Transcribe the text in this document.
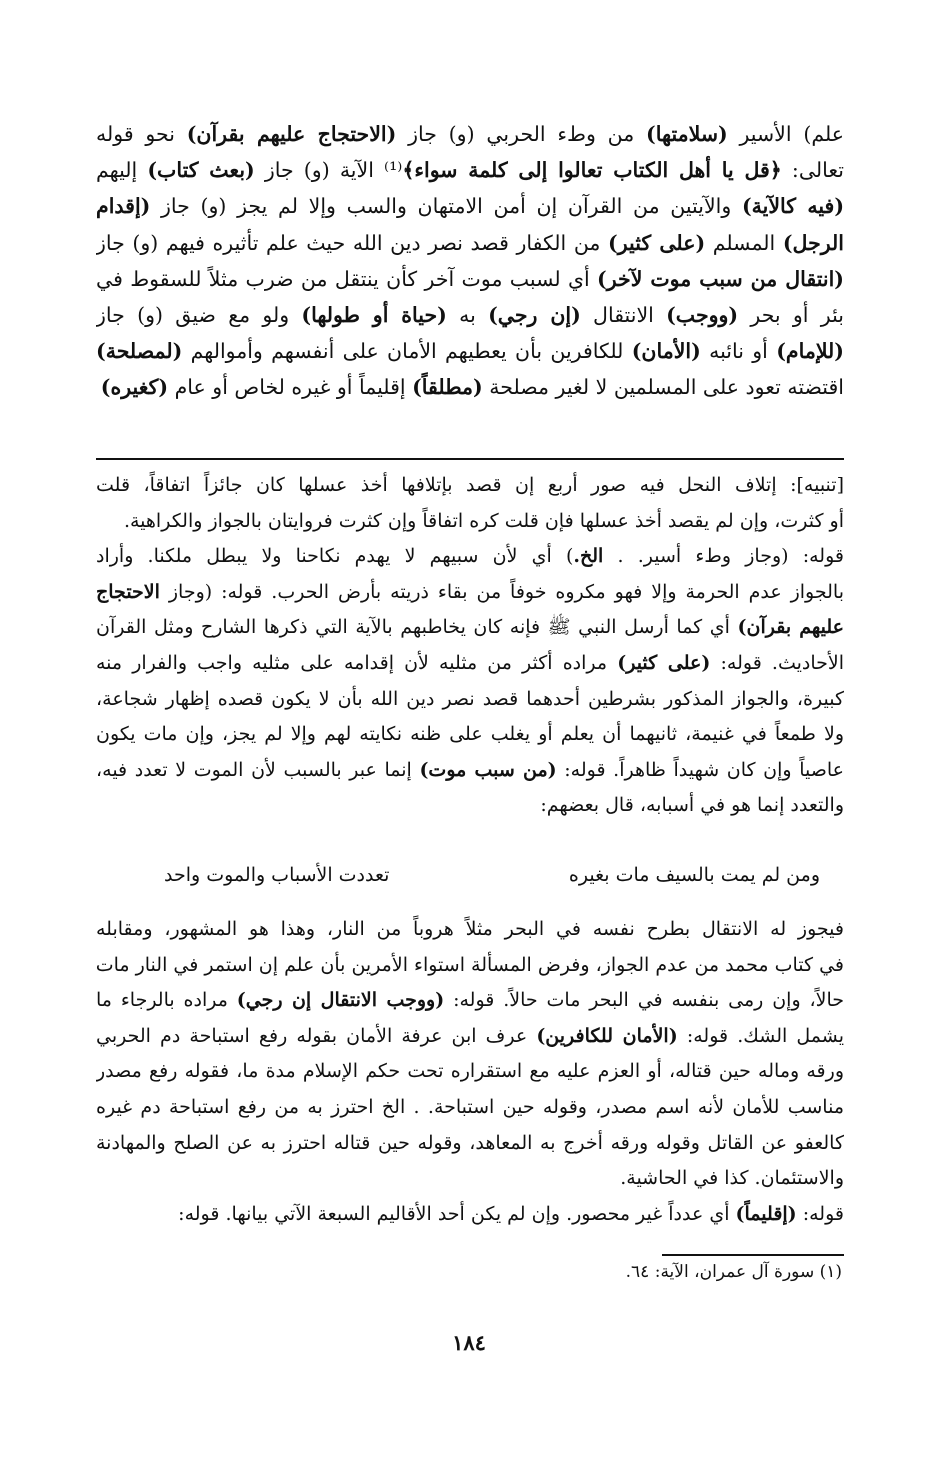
علم) الأسير (سلامتها) من وطء الحربي (و) جاز (الاحتجاج عليهم بقرآن) نحو قوله
تعالى: ﴿قل يا أهل الكتاب تعالوا إلى كلمة سواء﴾⁽¹⁾ الآية (و) جاز (بعث كتاب) إليهم
(فيه كالآية) والآيتين من القرآن إن أمن الامتهان والسب وإلا لم يجز (و) جاز (إقدام
الرجل) المسلم (على كثير) من الكفار قصد نصر دين الله حيث علم تأثيره فيهم (و) جاز
(انتقال من سبب موت لآخر) أي لسبب موت آخر كأن ينتقل من ضرب مثلاً للسقوط في
بئر أو بحر (ووجب) الانتقال (إن رجي) به (حياة أو طولها) ولو مع ضيق (و) جاز
(للإمام) أو نائبه (الأمان) للكافرين بأن يعطيهم الأمان على أنفسهم وأموالهم (لمصلحة)
اقتضته تعود على المسلمين لا لغير مصلحة (مطلقاً) إقليماً أو غيره لخاص أو عام (كغيره)
[تنبيه]: إتلاف النحل فيه صور أربع إن قصد بإتلافها أخذ عسلها كان جائزاً اتفاقاً، قلت
أو كثرت، وإن لم يقصد أخذ عسلها فإن قلت كره اتفاقاً وإن كثرت فروايتان بالجواز والكراهية.
قوله: (وجاز وطء أسير. . الخ.) أي لأن سبيهم لا يهدم نكاحنا ولا يبطل ملكنا. وأراد
بالجواز عدم الحرمة وإلا فهو مكروه خوفاً من بقاء ذريته بأرض الحرب. قوله: (وجاز الاحتجاج
عليهم بقرآن) أي كما أرسل النبي ﷺ فإنه كان يخاطبهم بالآية التي ذكرها الشارح ومثل القرآن
الأحاديث. قوله: (على كثير) مراده أكثر من مثليه لأن إقدامه على مثليه واجب والفرار منه
كبيرة، والجواز المذكور بشرطين أحدهما قصد نصر دين الله بأن لا يكون قصده إظهار شجاعة،
ولا طمعاً في غنيمة، ثانيهما أن يعلم أو يغلب على ظنه نكايته لهم وإلا لم يجز، وإن مات يكون
عاصياً وإن كان شهيداً ظاهراً. قوله: (من سبب موت) إنما عبر بالسبب لأن الموت لا تعدد فيه،
والتعدد إنما هو في أسبابه، قال بعضهم:
ومن لم يمت بالسيف مات بغيره
تعددت الأسباب والموت واحد
فيجوز له الانتقال بطرح نفسه في البحر مثلاً هروباً من النار، وهذا هو المشهور، ومقابله
في كتاب محمد من عدم الجواز، وفرض المسألة استواء الأمرين بأن علم إن استمر في النار مات
حالاً، وإن رمى بنفسه في البحر مات حالاً. قوله: (ووجب الانتقال إن رجي) مراده بالرجاء ما
يشمل الشك. قوله: (الأمان للكافرين) عرف ابن عرفة الأمان بقوله رفع استباحة دم الحربي
ورقه وماله حين قتاله، أو العزم عليه مع استقراره تحت حكم الإسلام مدة ما، فقوله رفع مصدر
مناسب للأمان لأنه اسم مصدر، وقوله حين استباحة. . الخ احترز به من رفع استباحة دم غيره
كالعفو عن القاتل وقوله ورقه أخرج به المعاهد، وقوله حين قتاله احترز به عن الصلح والمهادنة
والاستئمان. كذا في الحاشية.
قوله: (إقليماً) أي عدداً غير محصور. وإن لم يكن أحد الأقاليم السبعة الآتي بيانها. قوله:
(١) سورة آل عمران، الآية: ٦٤.
١٨٤
